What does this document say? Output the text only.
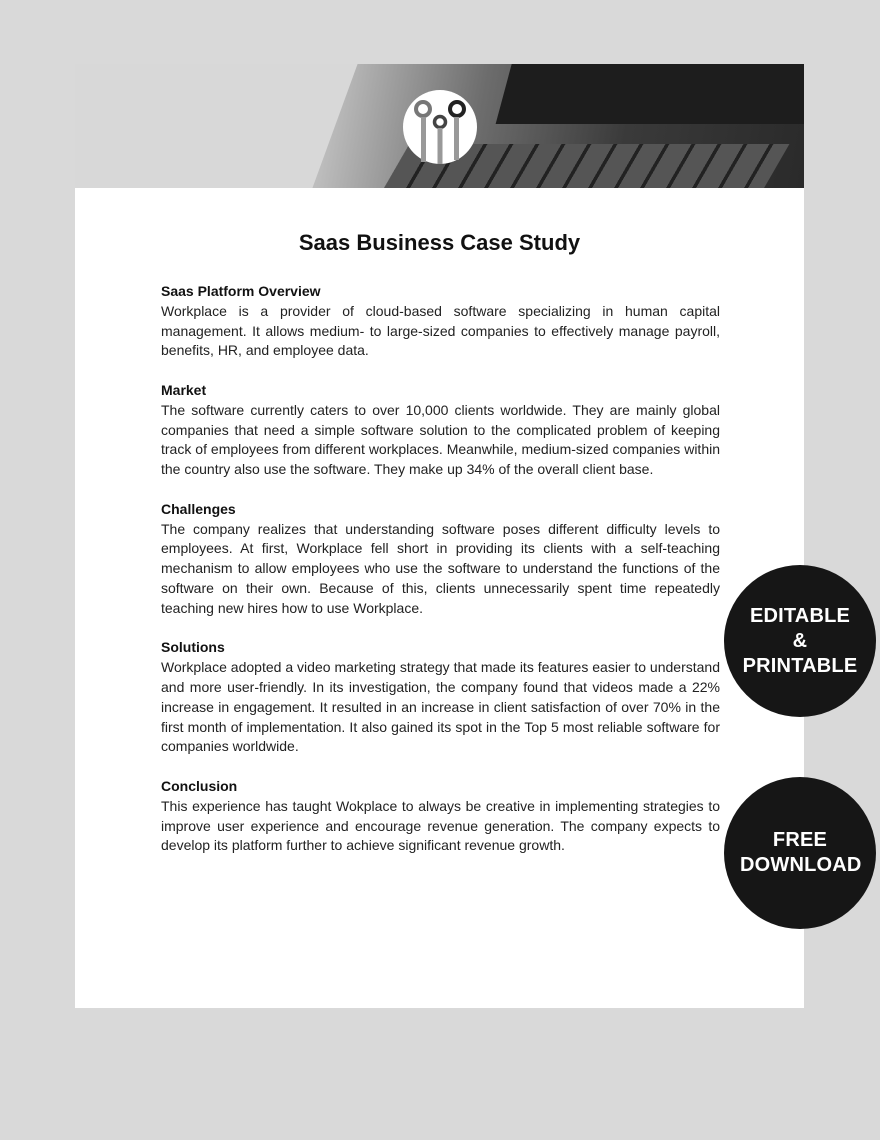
Saas Business Case Study
Saas Platform Overview

Workplace is a provider of cloud-based software specializing in human capital management. It allows medium- to large-sized companies to effectively manage payroll, benefits, HR, and employee data.

Market

The software currently caters to over 10,000 clients worldwide. They are mainly global companies that need a simple software solution to the complicated problem of keeping track of employees from different workplaces. Meanwhile, medium-sized companies within the country also use the software. They make up 34% of the overall client base.

Challenges

The company realizes that understanding software poses different difficulty levels to employees. At first, Workplace fell short in providing its clients with a self-teaching mechanism to allow employees who use the software to understand the functions of the software on their own. Because of this, clients unnecessarily spent time repeatedly teaching new hires how to use Workplace.

Solutions

Workplace adopted a video marketing strategy that made its features easier to understand and more user-friendly. In its investigation, the company found that videos made a 22% increase in engagement. It resulted in an increase in client satisfaction of over 70% in the first month of implementation. It also gained its spot in the Top 5 most reliable software for companies worldwide.

Conclusion

This experience has taught Wokplace to always be creative in implementing strategies to improve user experience and encourage revenue generation. The company expects to develop its platform further to achieve significant revenue growth.

EDITABLE & PRINTABLE
FREE DOWNLOAD
